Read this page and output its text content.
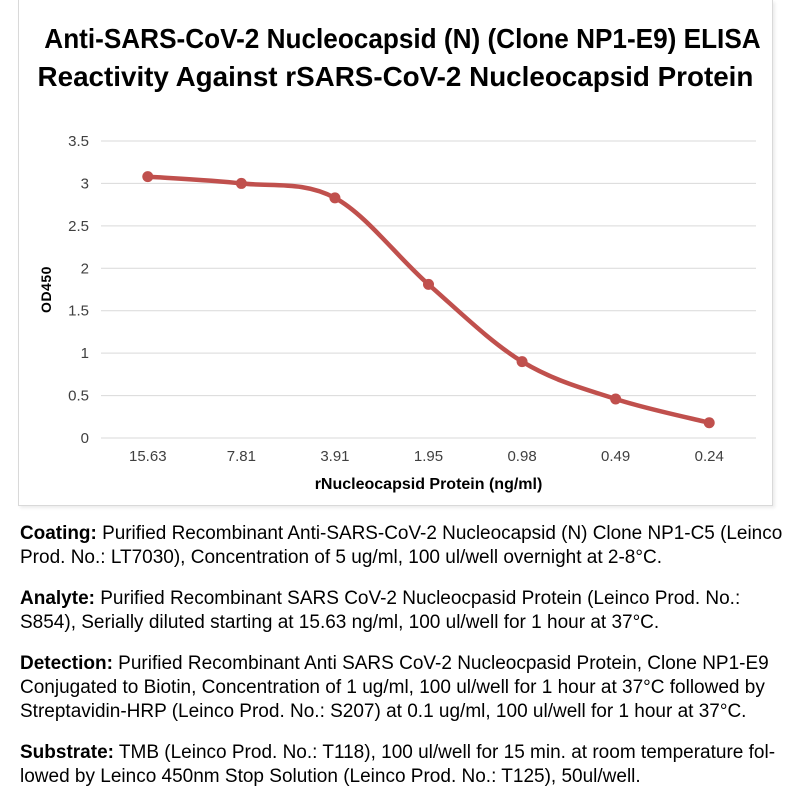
Anti-SARS-CoV-2 Nucleocapsid (N) (Clone NP1-E9) ELISA
Reactivity Against rSARS-CoV-2 Nucleocapsid Protein
3.5
3
2.5
2
1.5
1
0.5
0
15.63	7.81	3.91	1.95	0.98	0.49	0.24
rNucleocapsid Protein (ng/ml)
OD450
Coating: Purified Recombinant Anti-SARS-CoV-2 Nucleocapsid (N) Clone NP1-C5 (Leinco
Prod. No.: LT7030), Concentration of 5 ug/ml, 100 ul/well overnight at 2-8°C.
Analyte: Purified Recombinant SARS CoV-2 Nucleocpasid Protein (Leinco Prod. No.:
S854), Serially diluted starting at 15.63 ng/ml, 100 ul/well for 1 hour at 37°C.
Detection: Purified Recombinant Anti SARS CoV-2 Nucleocpasid Protein, Clone NP1-E9
Conjugated to Biotin, Concentration of 1 ug/ml, 100 ul/well for 1 hour at 37°C followed by
Streptavidin-HRP (Leinco Prod. No.: S207) at 0.1 ug/ml, 100 ul/well for 1 hour at 37°C.
Substrate: TMB (Leinco Prod. No.: T118), 100 ul/well for 15 min. at room temperature fol-
lowed by Leinco 450nm Stop Solution (Leinco Prod. No.: T125), 50ul/well.
